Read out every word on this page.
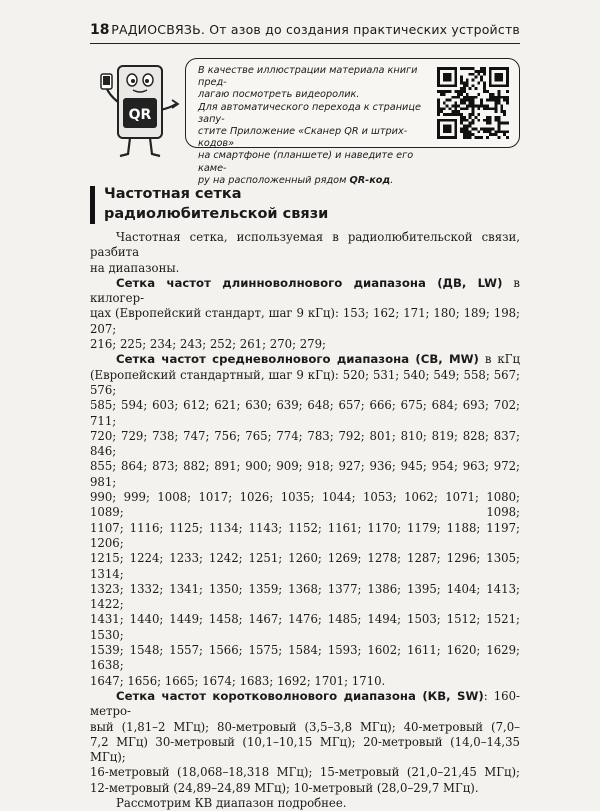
18 РАДИОСВЯЗЬ. От азов до создания практических устройств
QR
В качестве иллюстрации материала книги пред-
лагаю посмотреть видеоролик.
Для автоматического перехода к странице запу-
стите Приложение «Сканер QR и штрих-кодов»
на смартфоне (планшете) и наведите его каме-
ру на расположенный рядом QR-код.
Частотная сетка
радиолюбительской связи

Частотная сетка, используемая в радиолюбительской связи, разбита

на диапазоны.

Сетка частот длинноволнового диапазона (ДВ, LW) в килогер-

цах (Европейский стандарт, шаг 9 кГц): 153; 162; 171; 180; 189; 198; 207;
216; 225; 234; 243; 252; 261; 270; 279;

Сетка частот средневолнового диапазона (СВ, MW) в кГц

(Европейский стандартный, шаг 9 кГц): 520; 531; 540; 549; 558; 567; 576;
585; 594; 603; 612; 621; 630; 639; 648; 657; 666; 675; 684; 693; 702; 711;
720; 729; 738; 747; 756; 765; 774; 783; 792; 801; 810; 819; 828; 837; 846;
855; 864; 873; 882; 891; 900; 909; 918; 927; 936; 945; 954; 963; 972; 981;
990; 999; 1008; 1017; 1026; 1035; 1044; 1053; 1062; 1071; 1080; 1089; 1098;
1107; 1116; 1125; 1134; 1143; 1152; 1161; 1170; 1179; 1188; 1197; 1206;
1215; 1224; 1233; 1242; 1251; 1260; 1269; 1278; 1287; 1296; 1305; 1314;
1323; 1332; 1341; 1350; 1359; 1368; 1377; 1386; 1395; 1404; 1413; 1422;
1431; 1440; 1449; 1458; 1467; 1476; 1485; 1494; 1503; 1512; 1521; 1530;
1539; 1548; 1557; 1566; 1575; 1584; 1593; 1602; 1611; 1620; 1629; 1638;
1647; 1656; 1665; 1674; 1683; 1692; 1701; 1710.

Сетка частот коротковолнового диапазона (КВ, SW): 160-метро-

вый (1,81–2 МГц); 80-метровый (3,5–3,8 МГц); 40-метровый (7,0–
7,2 МГц) 30-метровый (10,1–10,15 МГц); 20-метровый (14,0–14,35 МГц);
16-метровый (18,068–18,318 МГц); 15-метровый (21,0–21,45 МГц);
12-метровый (24,89–24,89 МГц); 10-метровый (28,0–29,7 МГц).

Рассмотрим КВ диапазон подробнее.
